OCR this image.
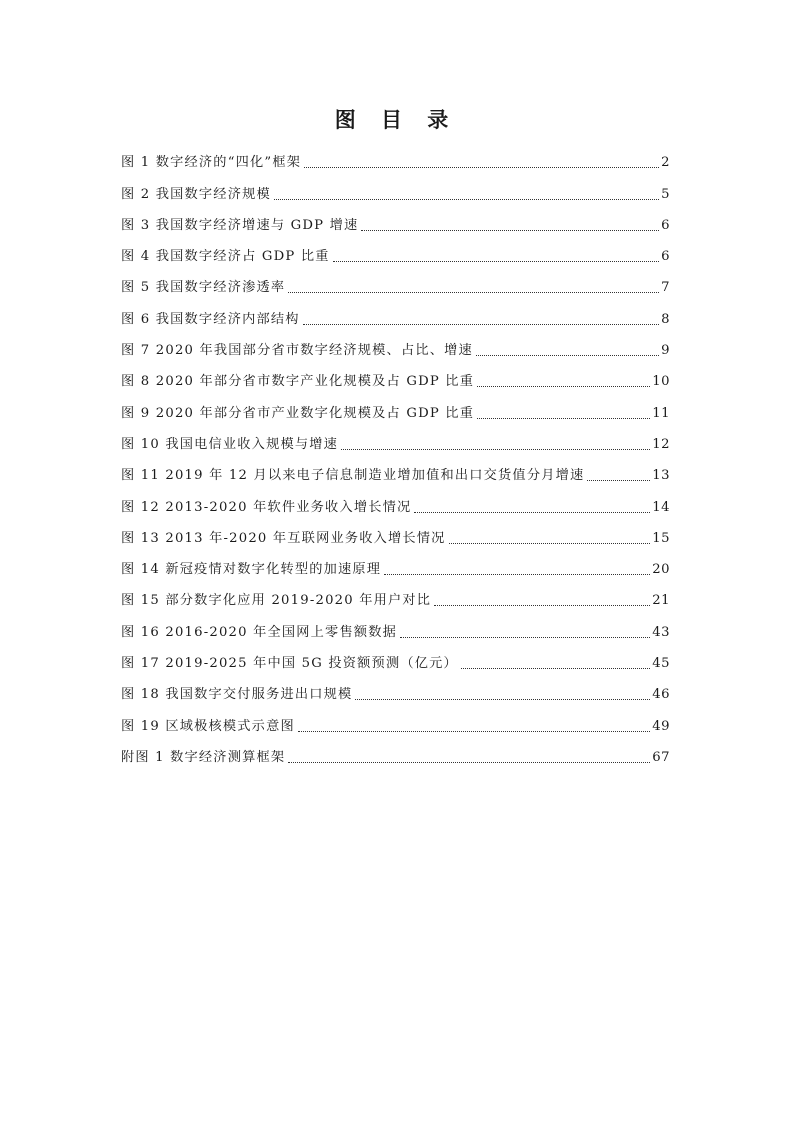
图 目 录
图 1 数字经济的“四化”框架	2
图 2 我国数字经济规模	5
图 3 我国数字经济增速与 GDP 增速	6
图 4 我国数字经济占 GDP 比重	6
图 5 我国数字经济渗透率	7
图 6 我国数字经济内部结构	8
图 7 2020 年我国部分省市数字经济规模、占比、增速	9
图 8 2020 年部分省市数字产业化规模及占 GDP 比重	10
图 9 2020 年部分省市产业数字化规模及占 GDP 比重	11
图 10 我国电信业收入规模与增速	12
图 11 2019 年 12 月以来电子信息制造业增加值和出口交货值分月增速	13
图 12 2013-2020 年软件业务收入增长情况	14
图 13 2013 年-2020 年互联网业务收入增长情况	15
图 14 新冠疫情对数字化转型的加速原理	20
图 15 部分数字化应用 2019-2020 年用户对比	21
图 16 2016-2020 年全国网上零售额数据	43
图 17 2019-2025 年中国 5G 投资额预测（亿元）	45
图 18 我国数字交付服务进出口规模	46
图 19 区域极核模式示意图	49
附图 1 数字经济测算框架	67
